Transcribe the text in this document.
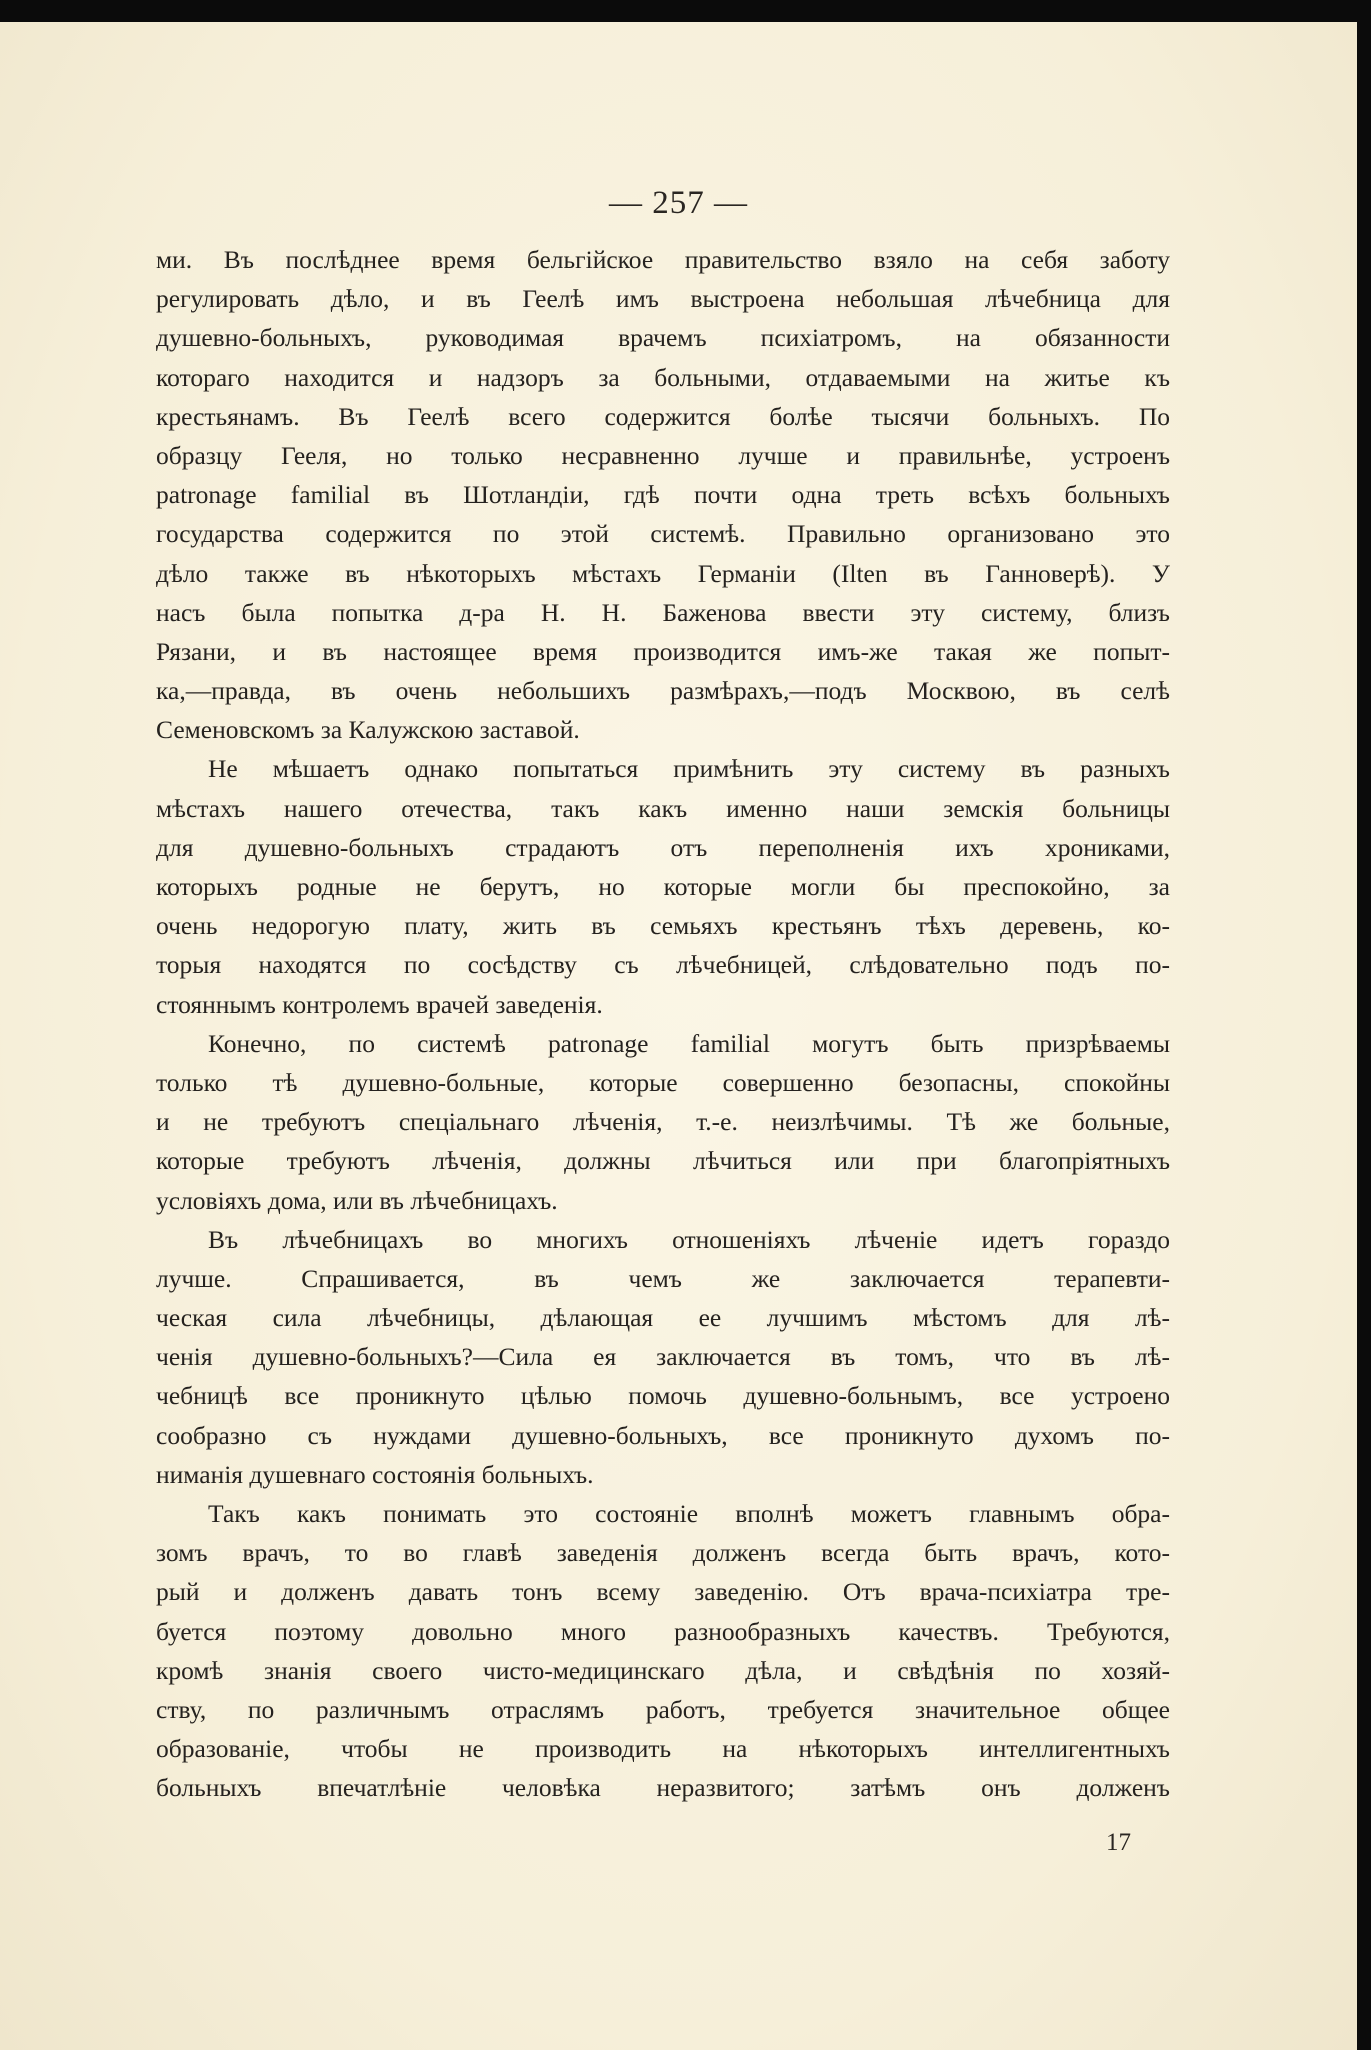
— 257 —
ми. Въ послѣднее время бельгійское правительство взяло на себя заботу
регулировать дѣло, и въ Геелѣ имъ выстроена небольшая лѣчебница для
душевно-больныхъ, руководимая врачемъ психіатромъ, на обязанности
котораго находится и надзоръ за больными, отдаваемыми на житье къ
крестьянамъ. Въ Геелѣ всего содержится болѣе тысячи больныхъ. По
образцу Гееля, но только несравненно лучше и правильнѣе, устроенъ
patronage familial въ Шотландіи, гдѣ почти одна треть всѣхъ больныхъ
государства содержится по этой системѣ. Правильно организовано это
дѣло также въ нѣкоторыхъ мѣстахъ Германіи (Ilten въ Ганноверѣ). У
насъ была попытка д-ра Н. Н. Баженова ввести эту систему, близъ
Рязани, и въ настоящее время производится имъ-же такая же попыт-
ка,—правда, въ очень небольшихъ размѣрахъ,—подъ Москвою, въ селѣ
Семеновскомъ за Калужскою заставой.
Не мѣшаетъ однако попытаться примѣнить эту систему въ разныхъ
мѣстахъ нашего отечества, такъ какъ именно наши земскія больницы
для душевно-больныхъ страдаютъ отъ переполненія ихъ хрониками,
которыхъ родные не берутъ, но которые могли бы преспокойно, за
очень недорогую плату, жить въ семьяхъ крестьянъ тѣхъ деревень, ко-
торыя находятся по сосѣдству съ лѣчебницей, слѣдовательно подъ по-
стояннымъ контролемъ врачей заведенія.
Конечно, по системѣ patronage familial могутъ быть призрѣваемы
только тѣ душевно-больные, которые совершенно безопасны, спокойны
и не требуютъ спеціальнаго лѣченія, т.-е. неизлѣчимы. Тѣ же больные,
которые требуютъ лѣченія, должны лѣчиться или при благопріятныхъ
условіяхъ дома, или въ лѣчебницахъ.
Въ лѣчебницахъ во многихъ отношеніяхъ лѣченіе идетъ гораздо
лучше. Спрашивается, въ чемъ же заключается терапевти-
ческая сила лѣчебницы, дѣлающая ее лучшимъ мѣстомъ для лѣ-
ченія душевно-больныхъ?—Сила ея заключается въ томъ, что въ лѣ-
чебницѣ все проникнуто цѣлью помочь душевно-больнымъ, все устроено
сообразно съ нуждами душевно-больныхъ, все проникнуто духомъ по-
ниманія душевнаго состоянія больныхъ.
Такъ какъ понимать это состояніе вполнѣ можетъ главнымъ обра-
зомъ врачъ, то во главѣ заведенія долженъ всегда быть врачъ, кото-
рый и долженъ давать тонъ всему заведенію. Отъ врача-психіатра тре-
буется поэтому довольно много разнообразныхъ качествъ. Требуются,
кромѣ знанія своего чисто-медицинскаго дѣла, и свѣдѣнія по хозяй-
ству, по различнымъ отраслямъ работъ, требуется значительное общее
образованіе, чтобы не производить на нѣкоторыхъ интеллигентныхъ
больныхъ впечатлѣніе человѣка неразвитого; затѣмъ онъ долженъ
17
